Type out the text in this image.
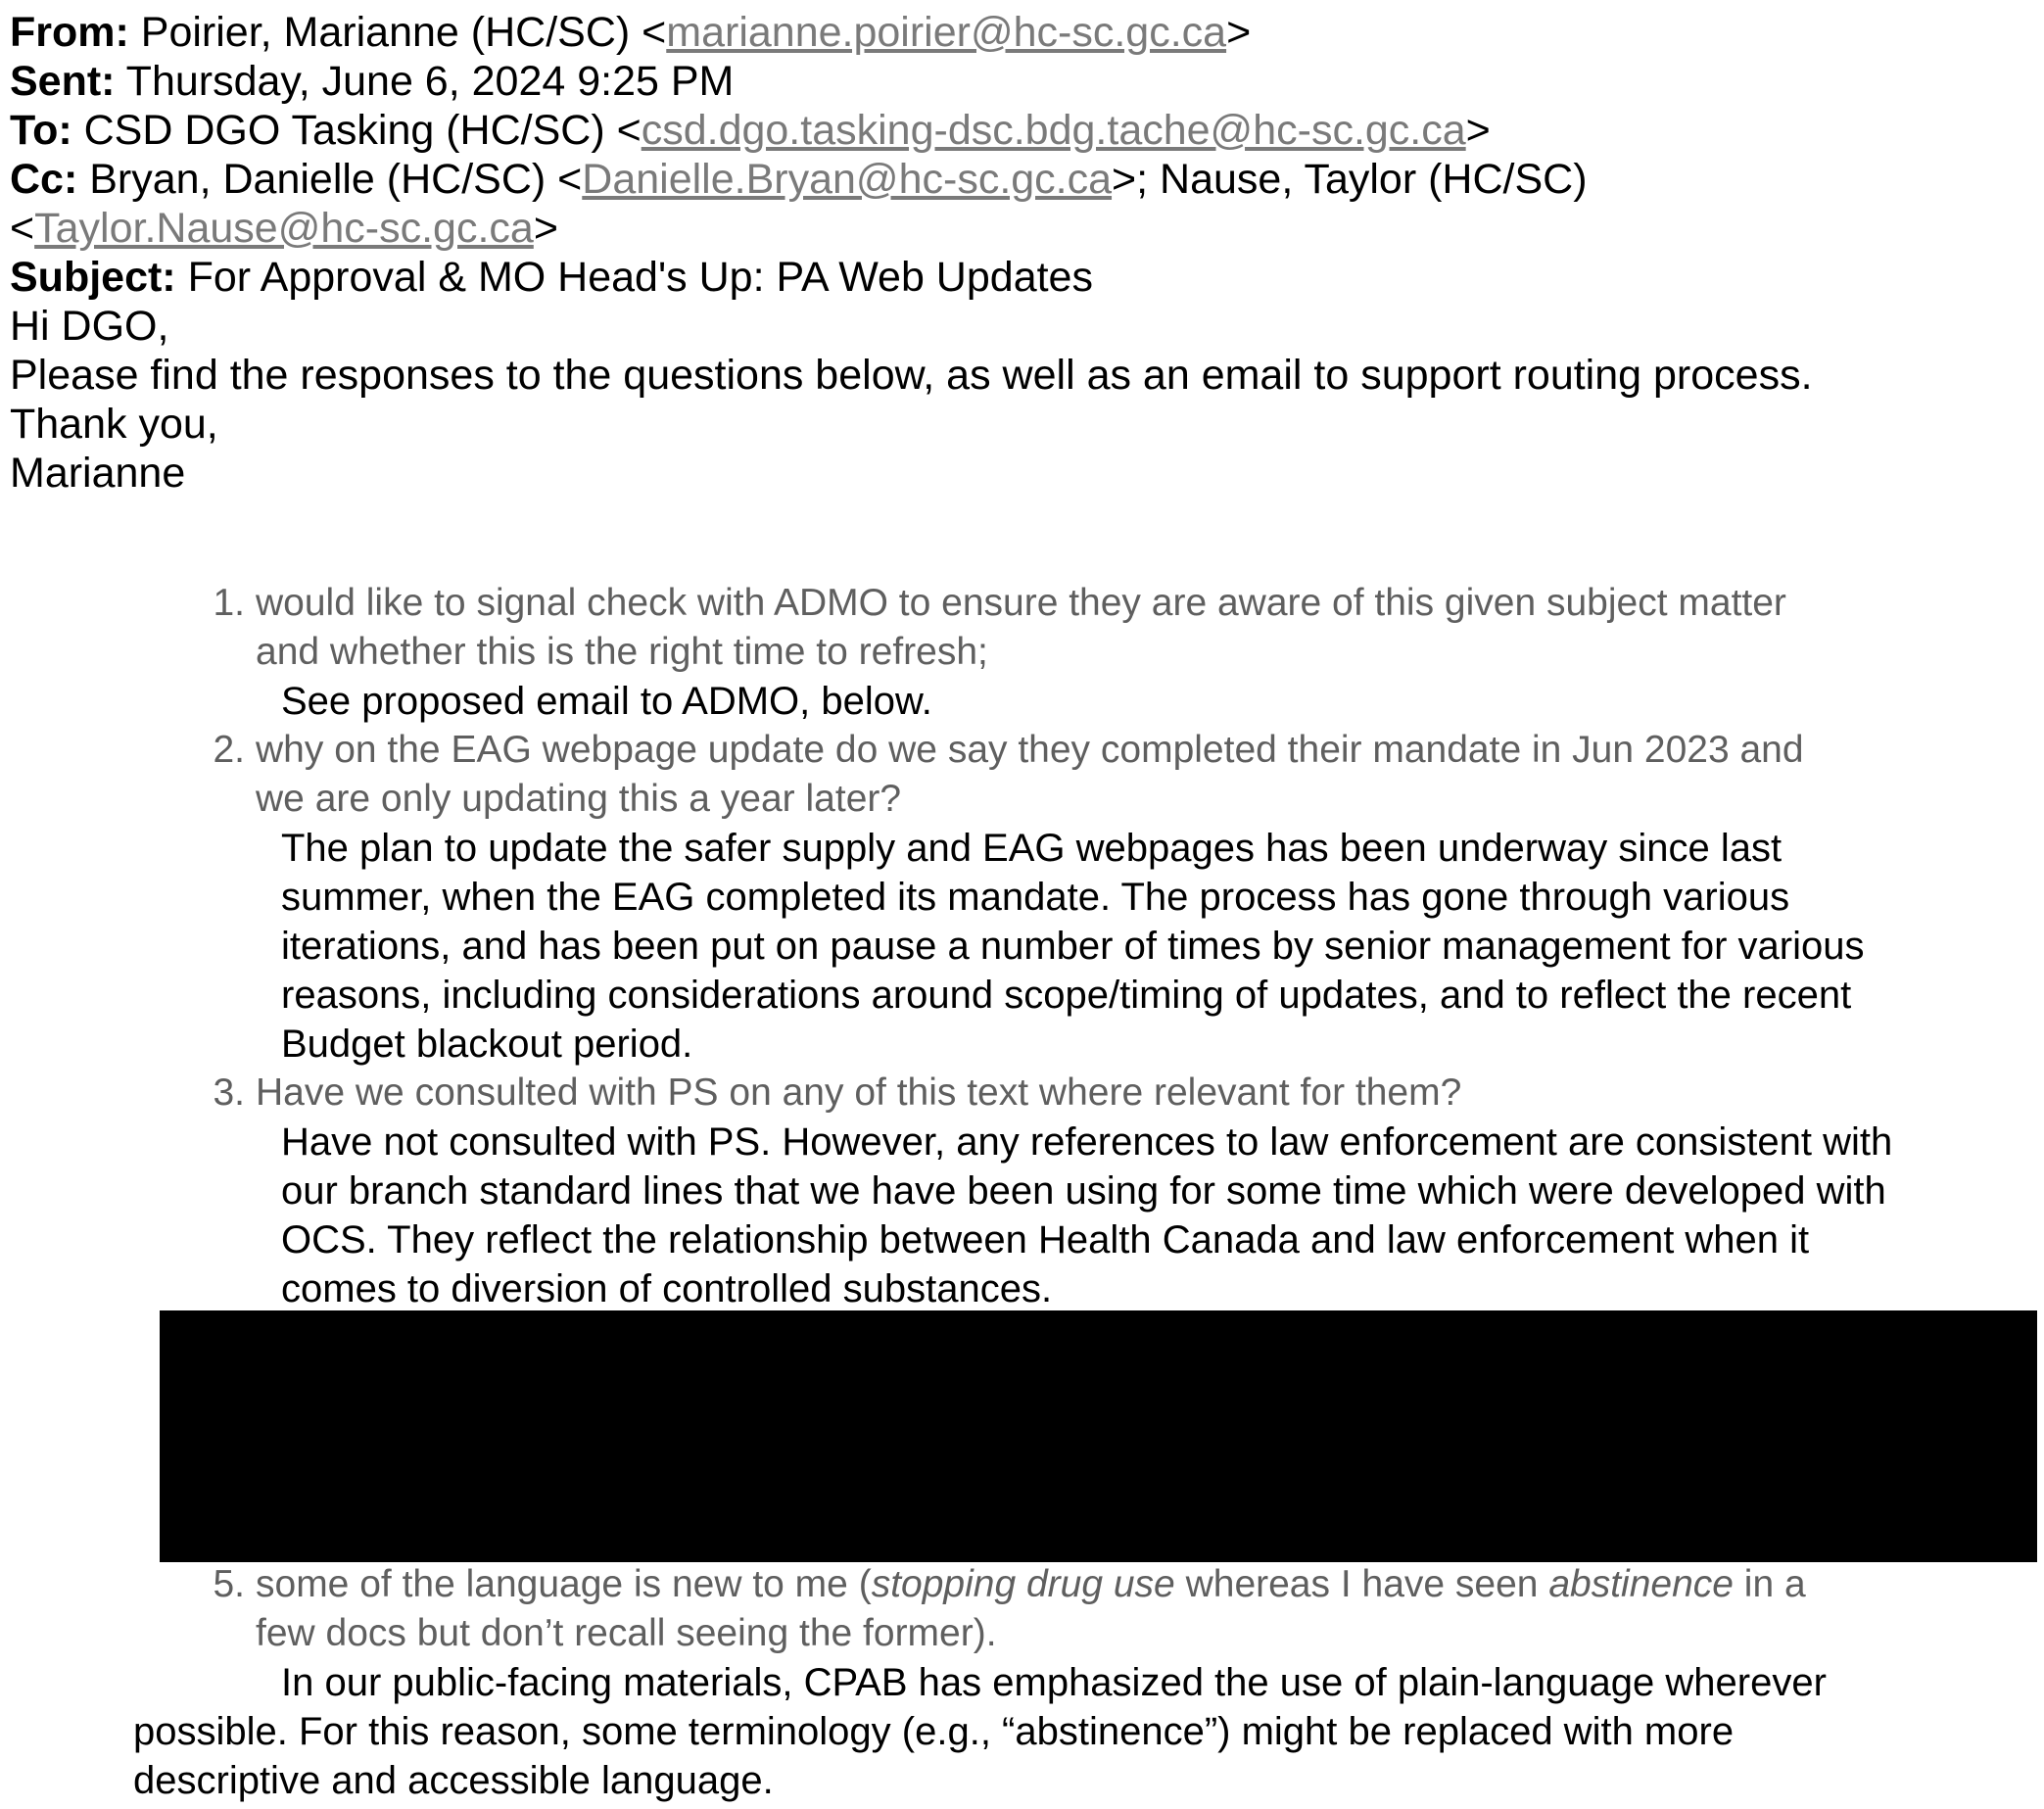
From: Poirier, Marianne (HC/SC) <marianne.poirier@hc-sc.gc.ca>
Sent: Thursday, June 6, 2024 9:25 PM
To: CSD DGO Tasking (HC/SC) <csd.dgo.tasking-dsc.bdg.tache@hc-sc.gc.ca>
Cc: Bryan, Danielle (HC/SC) <Danielle.Bryan@hc-sc.gc.ca>; Nause, Taylor (HC/SC)
<Taylor.Nause@hc-sc.gc.ca>
Subject: For Approval & MO Head's Up: PA Web Updates
Hi DGO,
Please find the responses to the questions below, as well as an email to support routing process.
Thank you,
Marianne
1. would like to signal check with ADMO to ensure they are aware of this given subject matter
and whether this is the right time to refresh;
See proposed email to ADMO, below.
2. why on the EAG webpage update do we say they completed their mandate in Jun 2023 and
we are only updating this a year later?
The plan to update the safer supply and EAG webpages has been underway since last
summer, when the EAG completed its mandate. The process has gone through various
iterations, and has been put on pause a number of times by senior management for various
reasons, including considerations around scope/timing of updates, and to reflect the recent
Budget blackout period.
3. Have we consulted with PS on any of this text where relevant for them?
Have not consulted with PS. However, any references to law enforcement are consistent with
our branch standard lines that we have been using for some time which were developed with
OCS. They reflect the relationship between Health Canada and law enforcement when it
comes to diversion of controlled substances.
5. some of the language is new to me (stopping drug use whereas I have seen abstinence in a
few docs but don’t recall seeing the former).
In our public-facing materials, CPAB has emphasized the use of plain-language wherever
possible. For this reason, some terminology (e.g., “abstinence”) might be replaced with more
descriptive and accessible language.
